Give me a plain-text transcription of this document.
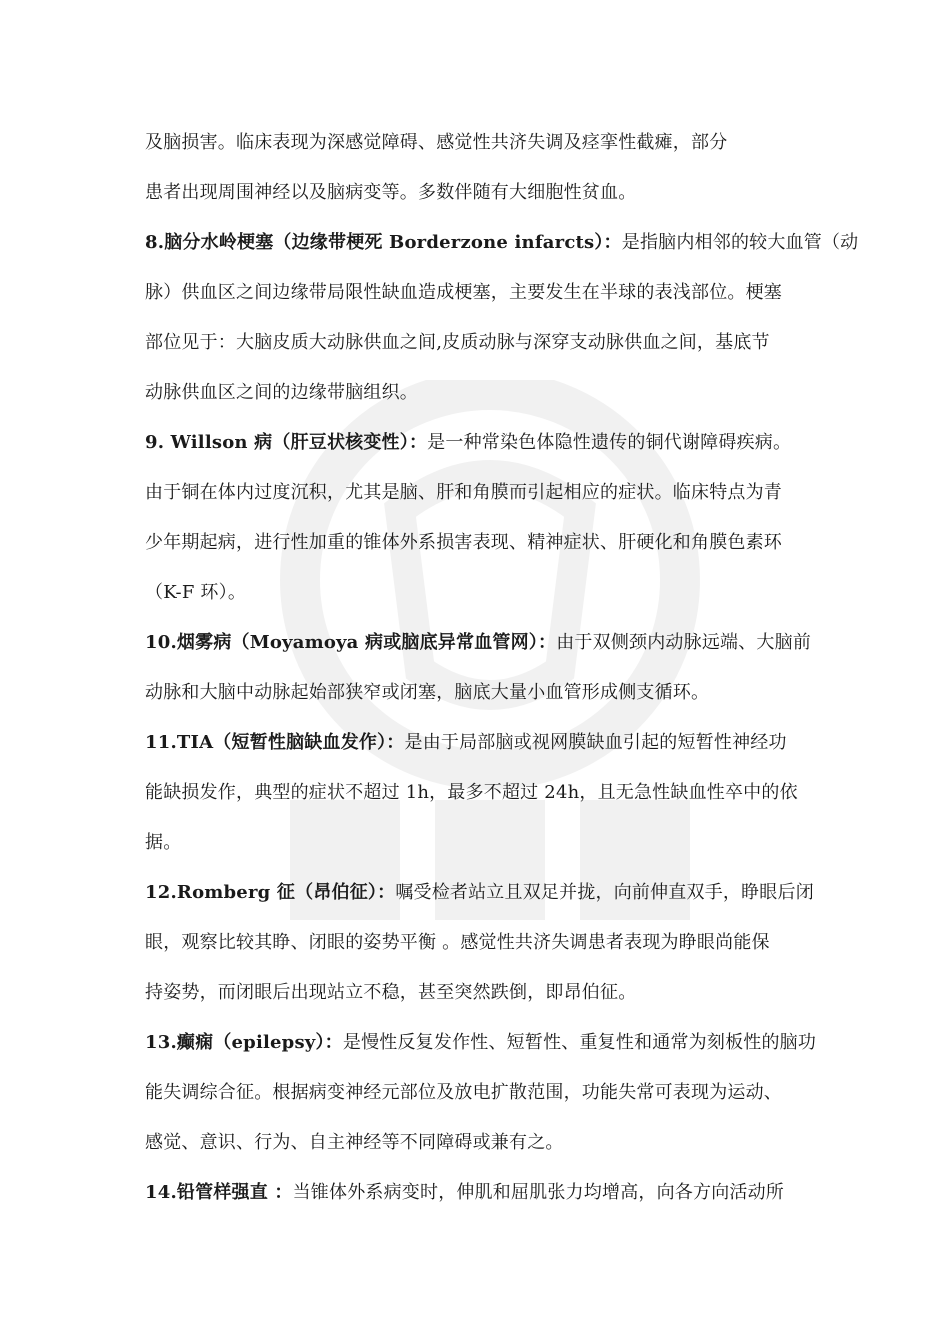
及脑损害。临床表现为深感觉障碍、感觉性共济失调及痉挛性截瘫，部分
患者出现周围神经以及脑病变等。多数伴随有大细胞性贫血。
8.脑分水岭梗塞（边缘带梗死 Borderzone infarcts）：是指脑内相邻的较大血管（动
脉）供血区之间边缘带局限性缺血造成梗塞，主要发生在半球的表浅部位。梗塞
部位见于：大脑皮质大动脉供血之间,皮质动脉与深穿支动脉供血之间，基底节
动脉供血区之间的边缘带脑组织。
9. Willson 病（肝豆状核变性）：是一种常染色体隐性遗传的铜代谢障碍疾病。
由于铜在体内过度沉积，尤其是脑、肝和角膜而引起相应的症状。临床特点为青
少年期起病，进行性加重的锥体外系损害表现、精神症状、肝硬化和角膜色素环
（K-F 环）。
10.烟雾病（Moyamoya 病或脑底异常血管网）：由于双侧颈内动脉远端、大脑前
动脉和大脑中动脉起始部狭窄或闭塞，脑底大量小血管形成侧支循环。
11.TIA（短暂性脑缺血发作）：是由于局部脑或视网膜缺血引起的短暂性神经功
能缺损发作，典型的症状不超过 1h，最多不超过 24h，且无急性缺血性卒中的依
据。
12.Romberg 征（昂伯征）：嘱受检者站立且双足并拢，向前伸直双手，睁眼后闭
眼，观察比较其睁、闭眼的姿势平衡 。感觉性共济失调患者表现为睁眼尚能保
持姿势，而闭眼后出现站立不稳，甚至突然跌倒，即昂伯征。
13.癫痫（epilepsy）：是慢性反复发作性、短暂性、重复性和通常为刻板性的脑功
能失调综合征。根据病变神经元部位及放电扩散范围，功能失常可表现为运动、
感觉、意识、行为、自主神经等不同障碍或兼有之。
14.铅管样强直 ：当锥体外系病变时，伸肌和屈肌张力均增高，向各方向活动所
